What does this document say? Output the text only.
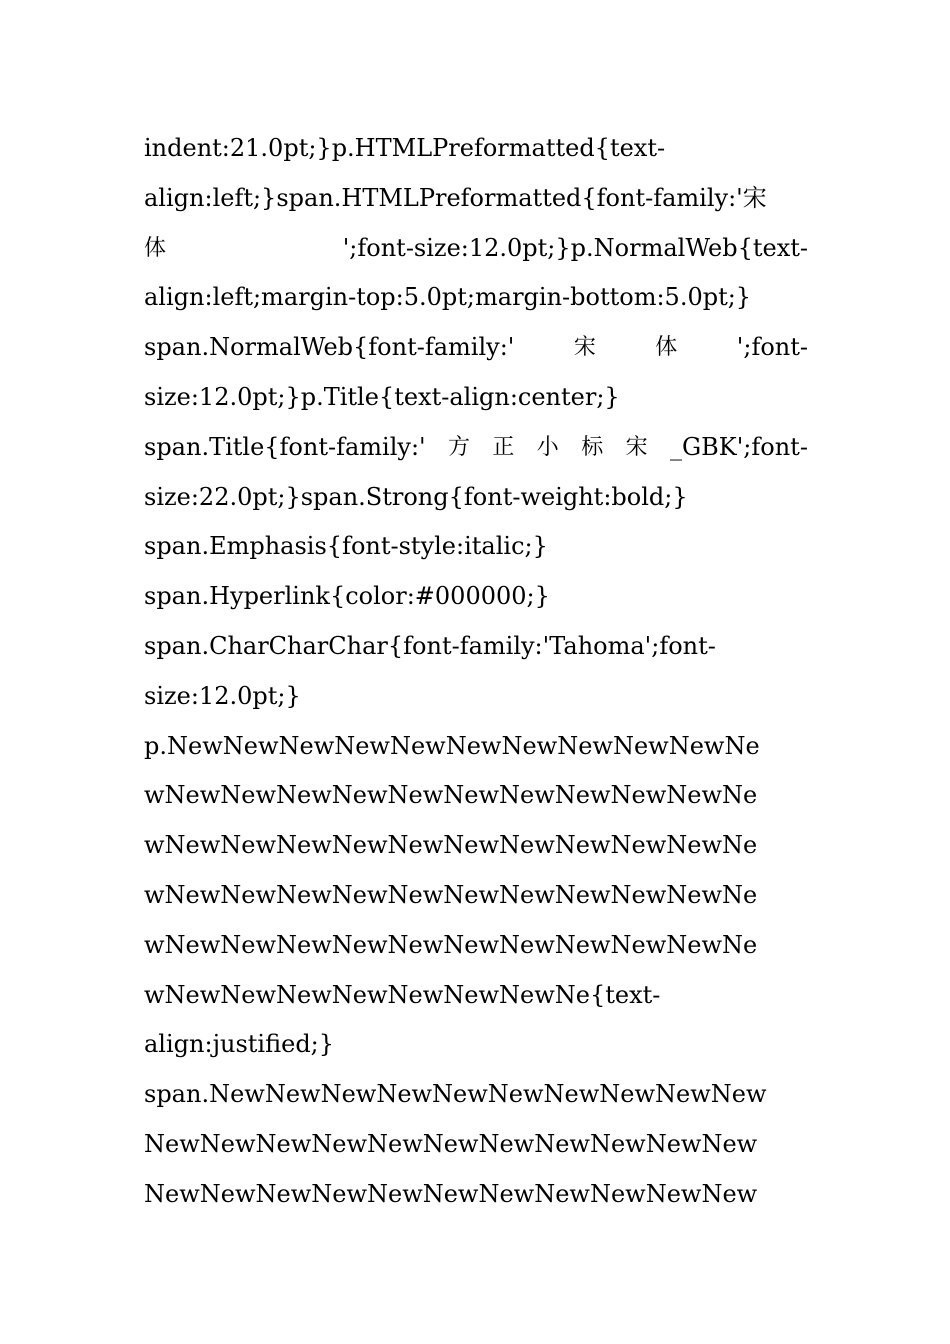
indent:21.0pt;}p.HTMLPreformatted{text-
align:left;}span.HTMLPreformatted{font-family:'宋
体	';font-size:12.0pt;}p.NormalWeb{text-
align:left;margin-top:5.0pt;margin-bottom:5.0pt;}
span.NormalWeb{font-family:'	宋	体 ';font-
size:12.0pt;}p.Title{text-align:center;}
span.Title{font-family:' 方 正 小 标 宋 _GBK';font-
size:22.0pt;}span.Strong{font-weight:bold;}
span.Emphasis{font-style:italic;}
span.Hyperlink{color:#000000;}
span.CharCharChar{font-family:'Tahoma';font-
size:12.0pt;}
p.NewNewNewNewNewNewNewNewNewNewNe
wNewNewNewNewNewNewNewNewNewNewNe
wNewNewNewNewNewNewNewNewNewNewNe
wNewNewNewNewNewNewNewNewNewNewNe
wNewNewNewNewNewNewNewNewNewNewNe
wNewNewNewNewNewNewNewNe{text-
align:justified;}
span.NewNewNewNewNewNewNewNewNewNew
NewNewNewNewNewNewNewNewNewNewNew
NewNewNewNewNewNewNewNewNewNewNew
